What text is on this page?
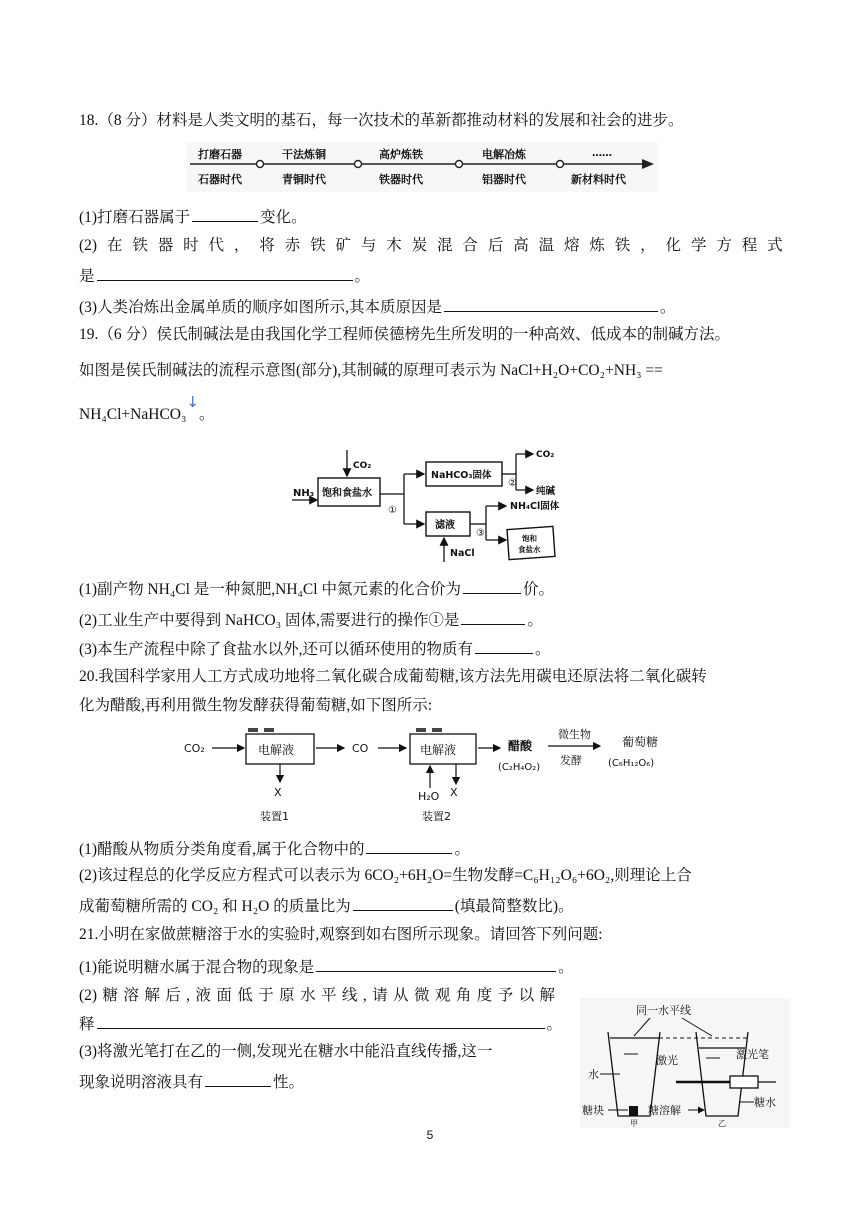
18.（8 分）材料是人类文明的基石，每一次技术的革新都推动材料的发展和社会的进步。
打磨石器	干法炼铜	高炉炼铁	电解冶炼	……
石器时代	青铜时代	铁器时代	铝器时代	新材料时代
(1)打磨石器属于	变化。
(2) 在 铁 器 时 代 ， 将 赤 铁 矿 与 木 炭 混 合 后 高 温 熔 炼 铁 ， 化 学 方 程 式
是	。
(3)人类冶炼出金属单质的顺序如图所示,其本质原因是	。
19.（6 分）侯氏制碱法是由我国化学工程师侯德榜先生所发明的一种高效、低成本的制碱方法。
如图是侯氏制碱法的流程示意图(部分),其制碱的原理可表示为 NaCl+H₂O+CO₂+NH₃ ==
NH₄Cl+NaHCO₃↓。
NH₃
CO₂
饱和食盐水
①
NaHCO₃固体
滤液
CO₂
②
纯碱
③
NH₄Cl固体
饱和
食盐水
NaCl
(1)副产物 NH₄Cl 是一种氮肥,NH₄Cl 中氮元素的化合价为	价。
(2)工业生产中要得到 NaHCO₃ 固体,需要进行的操作①是	。
(3)本生产流程中除了食盐水以外,还可以循环使用的物质有	。
20.我国科学家用人工方式成功地将二氧化碳合成葡萄糖,该方法先用碳电还原法将二氧化碳转
化为醋酸,再利用微生物发酵获得葡萄糖,如下图所示:
CO₂	电解液
X
装置1
CO	电解液
H₂O X
装置2
醋酸
(C₂H₄O₂)
微生物
发酵
葡萄糖
(C₆H₁₂O₆)
(1)醋酸从物质分类角度看,属于化合物中的	。
(2)该过程总的化学反应方程式可以表示为 6CO₂+6H₂O=生物发酵=C₆H₁₂O₆+6O₂,则理论上合
成葡萄糖所需的 CO₂ 和 H₂O 的质量比为	(填最简整数比)。
21.小明在家做蔗糖溶于水的实验时,观察到如右图所示现象。请回答下列问题:
(1)能说明糖水属于混合物的现象是	。
(2) 糖 溶 解 后 , 液 面 低 于 原 水 平 线 , 请 从 微 观 角 度 予 以 解
释	。
(3)将激光笔打在乙的一侧,发现光在糖水中能沿直线传播,这一
现象说明溶液具有	性。
同一水平线
激光	激光笔
水
糖水
糖块	糖溶解
甲	乙
5
